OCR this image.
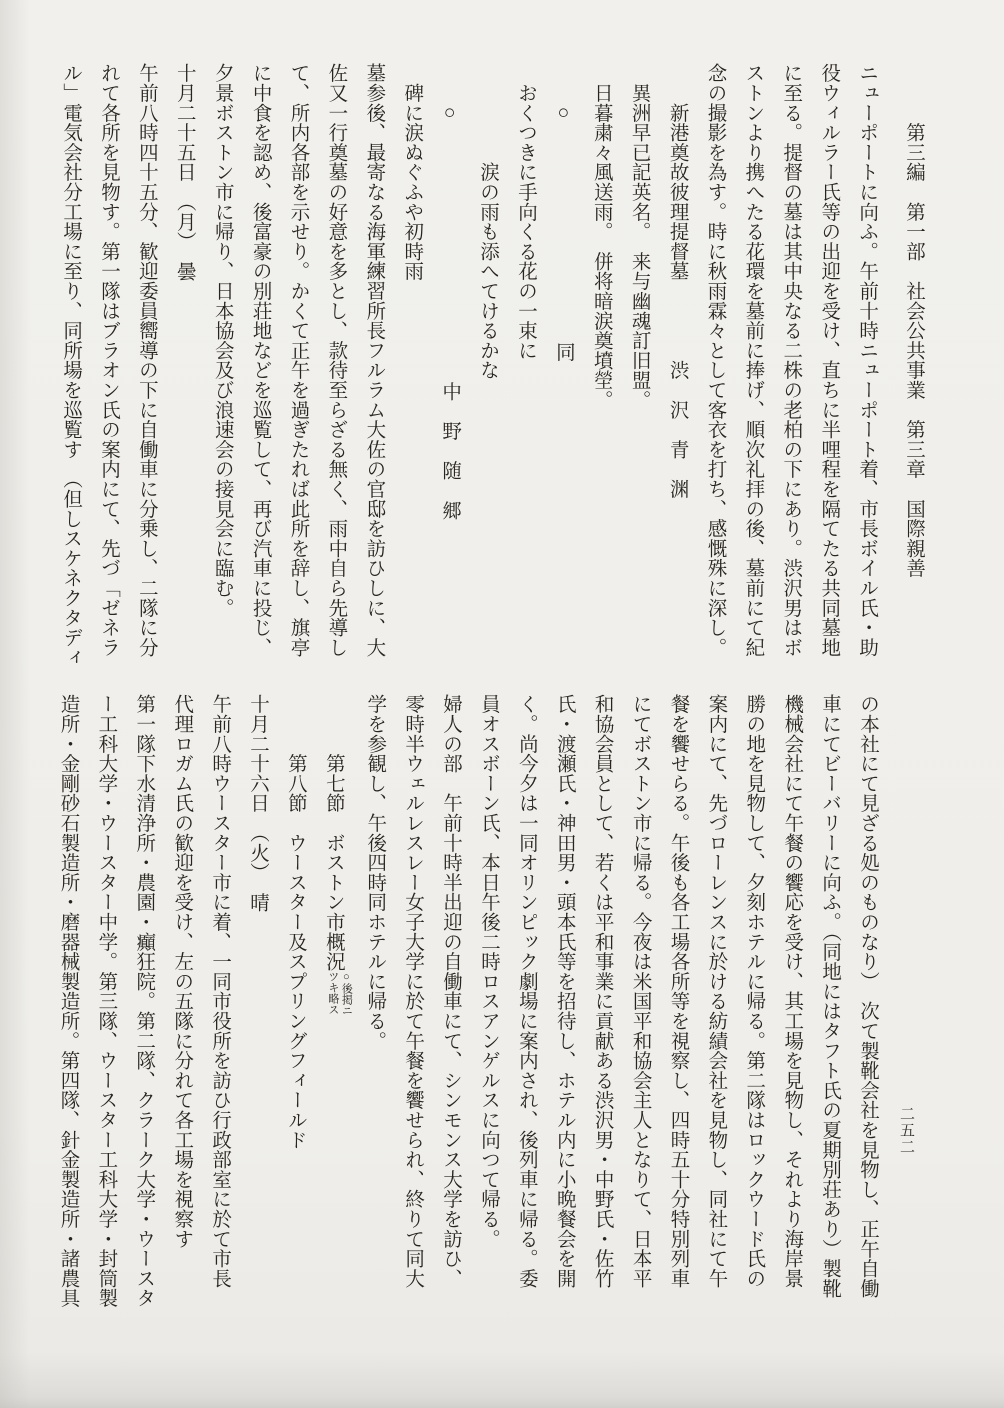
　　　第三編　第一部　社会公共事業　第三章　国際親善

ニューポートに向ふ。午前十時ニューポート着、市長ボイル氏・助

役ウィルラー氏等の出迎を受け、直ちに半哩程を隔てたる共同墓地

に至る。提督の墓は其中央なる二株の老柏の下にあり。渋沢男はボ

ストンより携へたる花環を墓前に捧げ、順次礼拝の後、墓前にて紀

念の撮影を為す。時に秋雨霖々として客衣を打ち、感慨殊に深し。

　　新港奠故彼理提督墓　　　　渋　沢　青　渊

　異洲早已記英名。　来与幽魂訂旧盟。

　日暮粛々風送雨。　併将暗涙奠墳塋。

　　○　　　　　　　　　　　同

　おくつきに手向くる花の一束に

　　　　　涙の雨も添へてけるかな

　　○　　　　　　　　　　　　　中　野　随　郷

　碑に涙ぬぐふや初時雨

墓参後、最寄なる海軍練習所長フルラム大佐の官邸を訪ひしに、大

佐又一行奠墓の好意を多とし、款待至らざる無く、雨中自ら先導し

て、所内各部を示せり。かくて正午を過ぎたれば此所を辞し、旗亭

に中食を認め、後富豪の別荘地などを巡覧して、再び汽車に投じ、

夕景ボストン市に帰り、日本協会及び浪速会の接見会に臨む。

十月二十五日　（月）　曇

午前八時四十五分、歓迎委員嚮導の下に自働車に分乗し、二隊に分

れて各所を見物す。第一隊はブラオン氏の案内にて、先づ「ゼネラ

ル」電気会社分工場に至り、同所場を巡覧す　（但しスケネクタディ

の本社にて見ざる処のものなり）　次て製靴会社を見物し、正午自働

車にてビーバリーに向ふ。（同地にはタフト氏の夏期別荘あり）製靴

機械会社にて午餐の饗応を受け、其工場を見物し、それより海岸景

勝の地を見物して、夕刻ホテルに帰る。第二隊はロックウード氏の

案内にて、先づローレンスに於ける紡績会社を見物し、同社にて午

餐を饗せらる。午後も各工場各所等を視察し、四時五十分特別列車

にてボストン市に帰る。今夜は米国平和協会主人となりて、日本平

和協会員として、若くは平和事業に貢献ある渋沢男・中野氏・佐竹

氏・渡瀬氏・神田男・頭本氏等を招待し、ホテル内に小晩餐会を開

く。尚今夕は一同オリンピック劇場に案内され、後列車に帰る。委

員オスボーン氏、本日午後二時ロスアンゲルスに向つて帰る。

婦人の部　午前十時半出迎の自働車にて、シンモンス大学を訪ひ、

零時半ウェルレスレー女子大学に於て午餐を饗せられ、終りて同大

学を参観し、午後四時同ホテルに帰る。

　　　第七節　ボストン市概況
○後掲ニ
ツキ略ス

　　　第八節　ウースター及スプリングフィールド

十月二十六日　（火）　晴

午前八時ウースター市に着、一同市役所を訪ひ行政部室に於て市長

代理ロガム氏の歓迎を受け、左の五隊に分れて各工場を視察す

第一隊下水清浄所・農園・癲狂院。第二隊、クラーク大学・ウースタ

ー工科大学・ウースター中学。第三隊、ウースター工科大学・封筒製

造所・金剛砂石製造所・磨器械製造所。第四隊、針金製造所・諸農具	二五二
